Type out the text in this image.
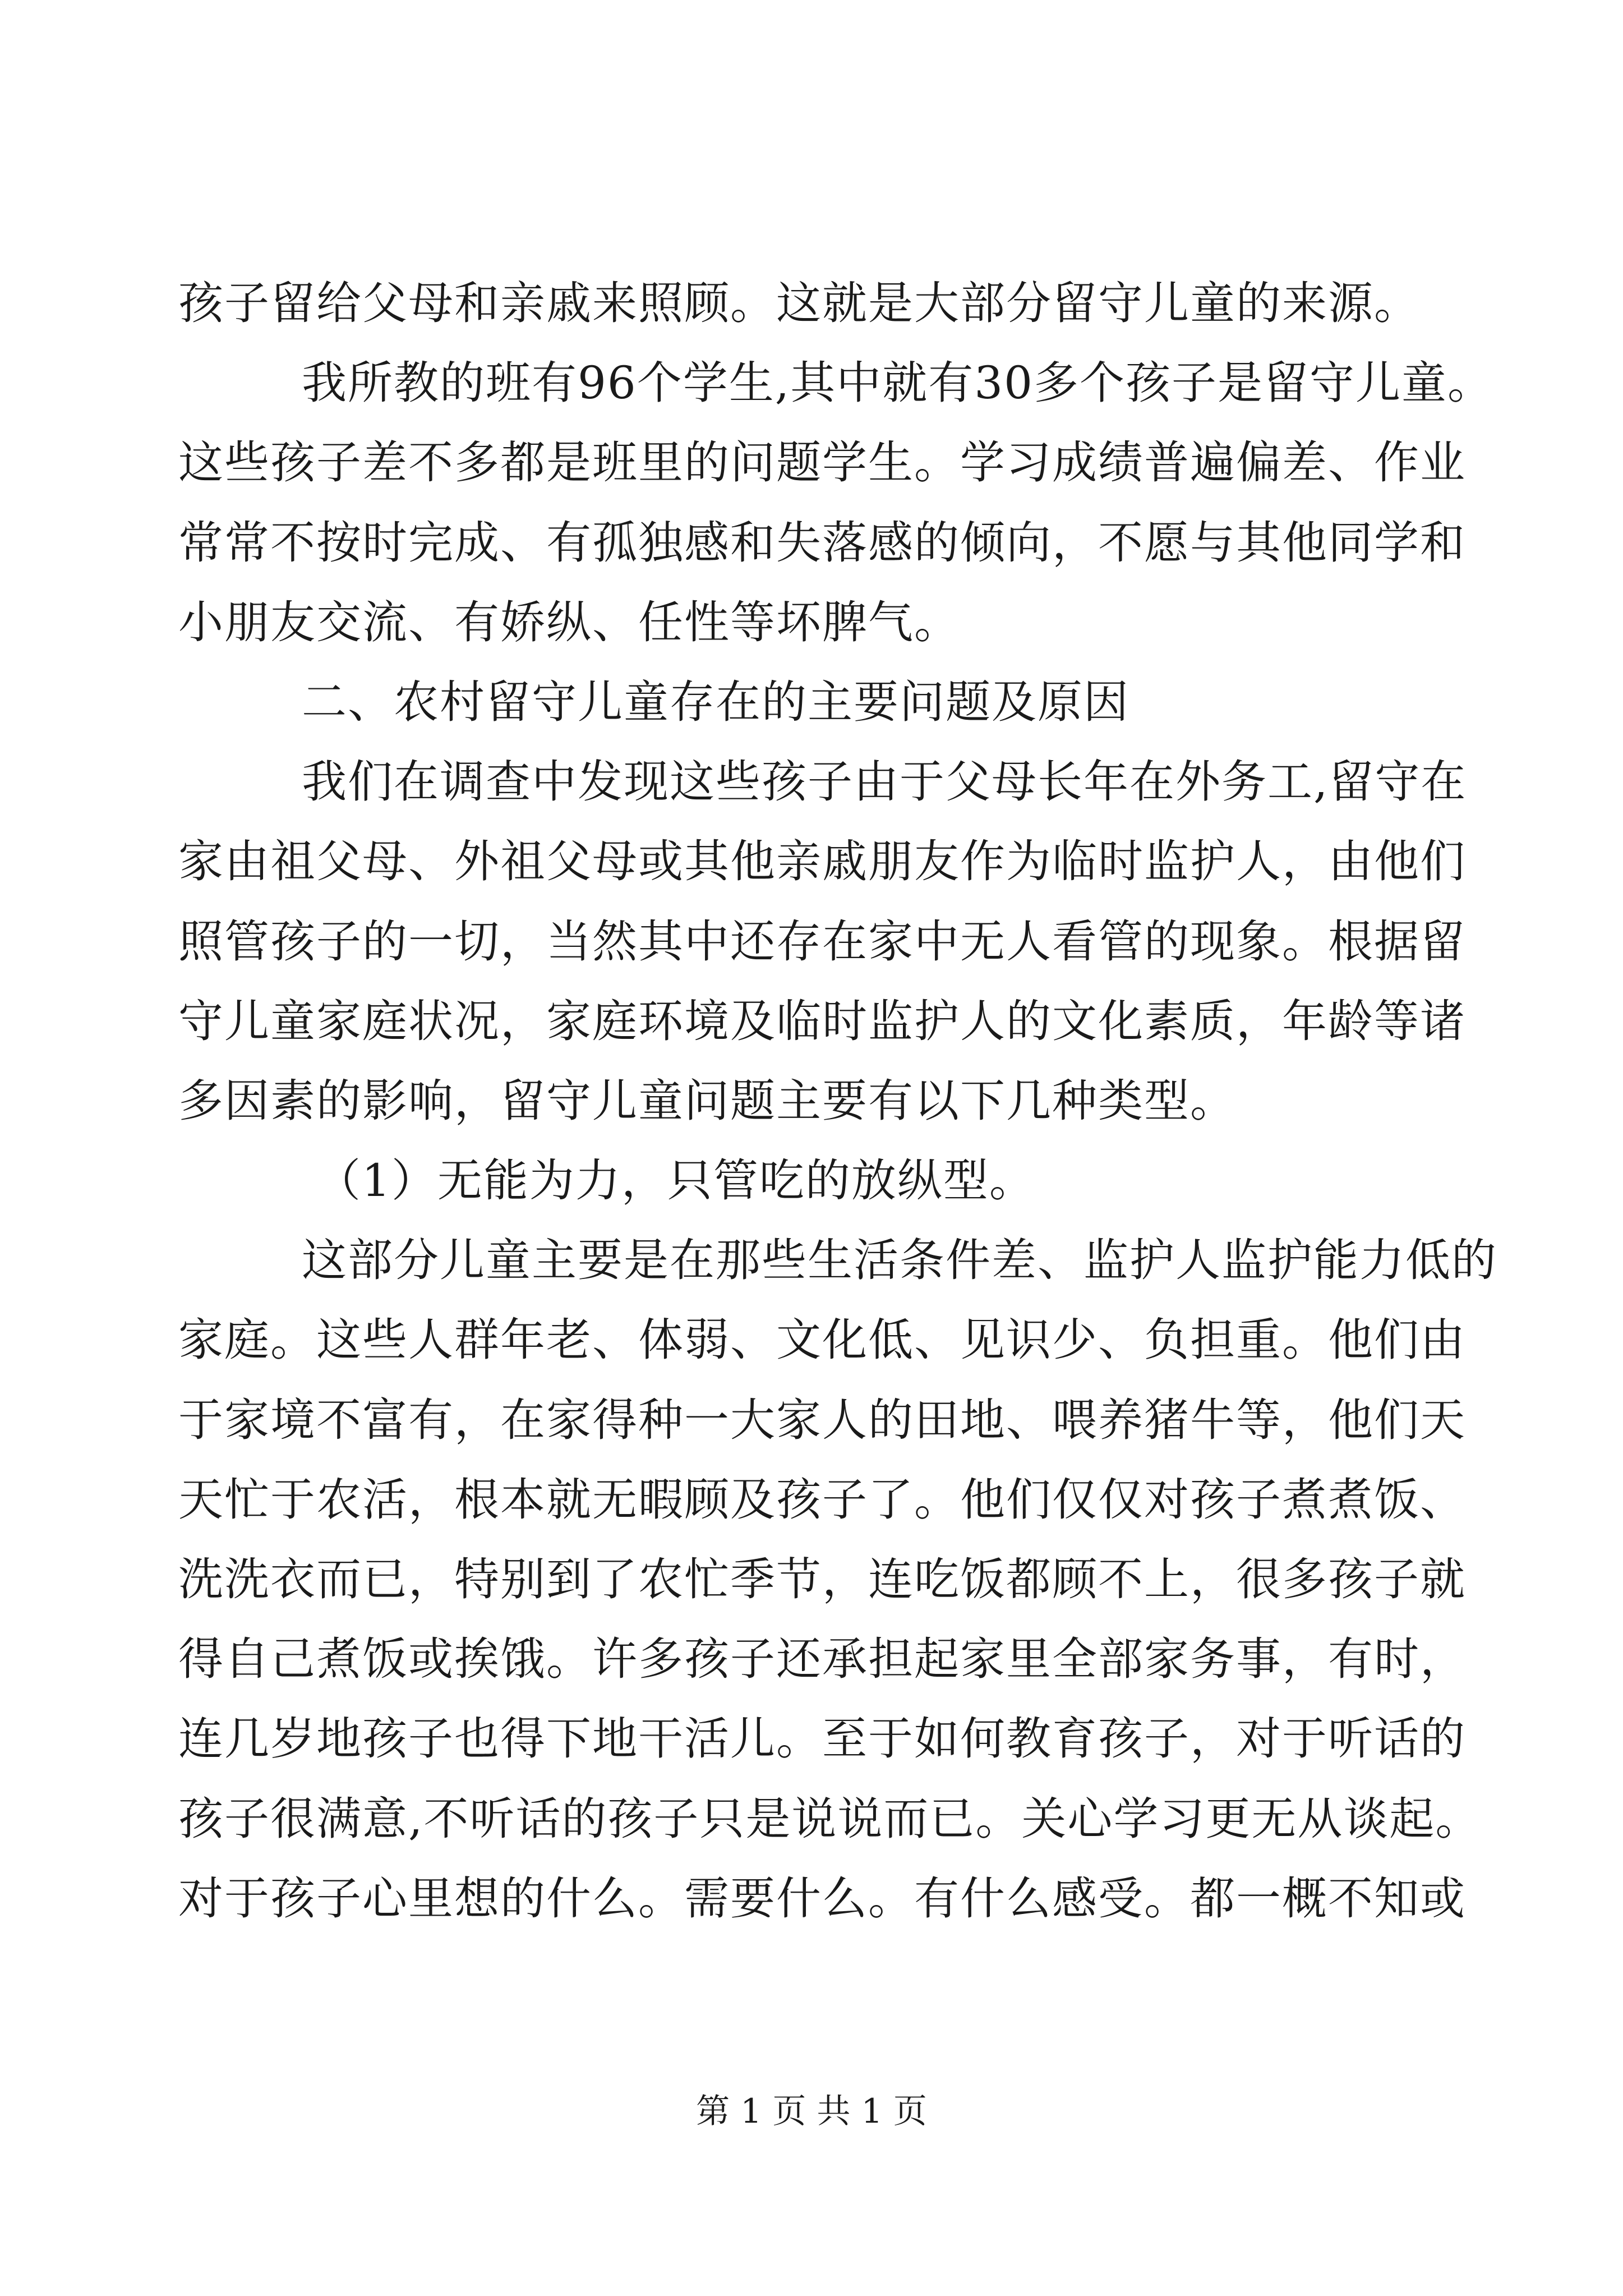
孩子留给父母和亲戚来照顾。这就是大部分留守儿童的来源。
我所教的班有96个学生,其中就有30多个孩子是留守儿童。
这些孩子差不多都是班里的问题学生。学习成绩普遍偏差、作业
常常不按时完成、有孤独感和失落感的倾向，不愿与其他同学和
小朋友交流、有娇纵、任性等坏脾气。
二、农村留守儿童存在的主要问题及原因
我们在调查中发现这些孩子由于父母长年在外务工,留守在
家由祖父母、外祖父母或其他亲戚朋友作为临时监护人，由他们
照管孩子的一切，当然其中还存在家中无人看管的现象。根据留
守儿童家庭状况，家庭环境及临时监护人的文化素质，年龄等诸
多因素的影响，留守儿童问题主要有以下几种类型。
（1）无能为力，只管吃的放纵型。
这部分儿童主要是在那些生活条件差、监护人监护能力低的
家庭。这些人群年老、体弱、文化低、见识少、负担重。他们由
于家境不富有，在家得种一大家人的田地、喂养猪牛等，他们天
天忙于农活，根本就无暇顾及孩子了。他们仅仅对孩子煮煮饭、
洗洗衣而已，特别到了农忙季节，连吃饭都顾不上，很多孩子就
得自己煮饭或挨饿。许多孩子还承担起家里全部家务事，有时，
连几岁地孩子也得下地干活儿。至于如何教育孩子，对于听话的
孩子很满意,不听话的孩子只是说说而已。关心学习更无从谈起。
对于孩子心里想的什么。需要什么。有什么感受。都一概不知或
第 1 页 共 1 页
